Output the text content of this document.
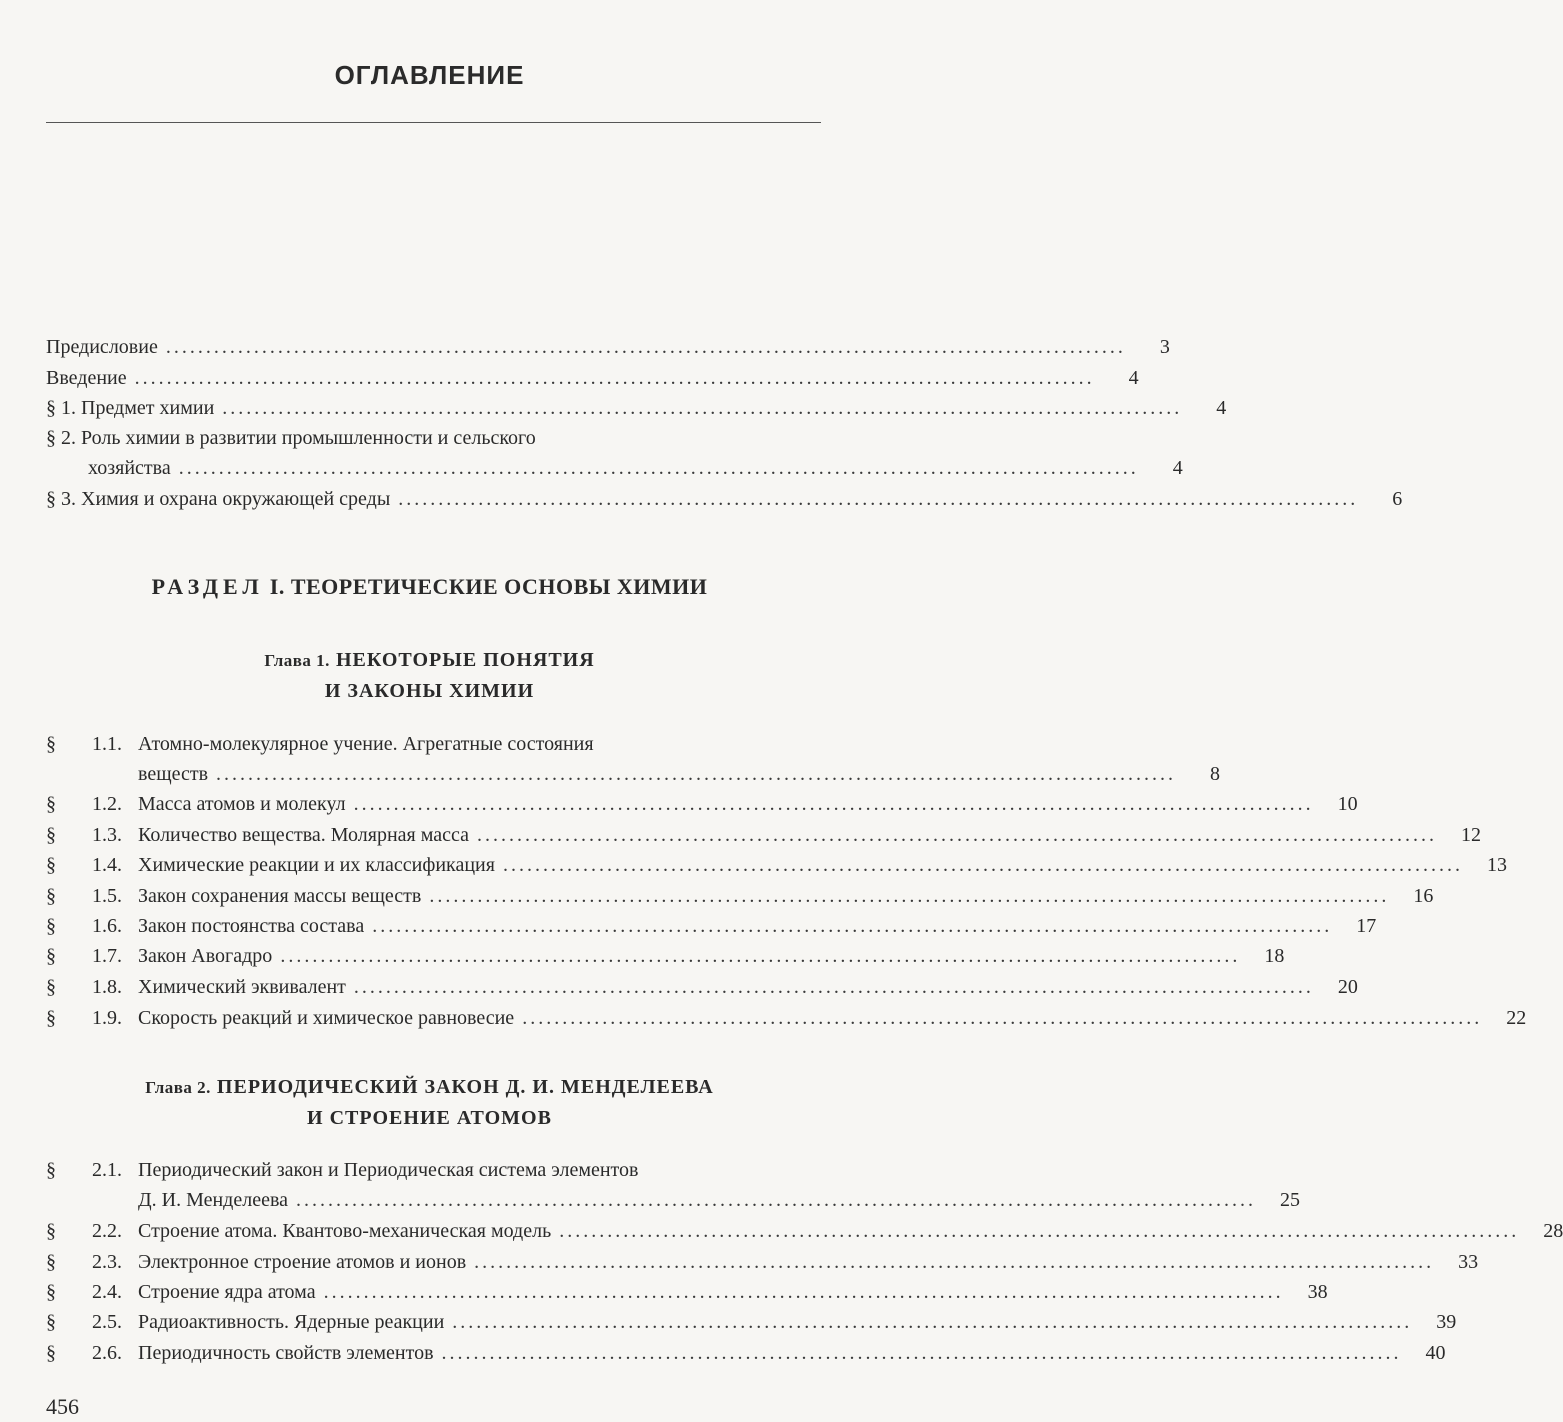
ОГЛАВЛЕНИЕ
Предисловие ........................................................................................................................	3
Введение ........................................................................................................................	4
§ 1. Предмет химии ........................................................................................................................	4
§ 2. Роль химии в развитии промышленности и сельского
хозяйства ........................................................................................................................	4
§ 3. Химия и охрана окружающей среды ........................................................................................................................	6
РАЗДЕЛ I. ТЕОРЕТИЧЕСКИЕ ОСНОВЫ ХИМИИ
Глава 1. НЕКОТОРЫЕ ПОНЯТИЯ
И ЗАКОНЫ ХИМИИ
§ 1.1. Атомно-молекулярное учение. Агрегатные состояния
веществ ........................................................................................................................	8
§ 1.2. Масса атомов и молекул ........................................................................................................................	10
§ 1.3. Количество вещества. Молярная масса ........................................................................................................................	12
§ 1.4. Химические реакции и их классификация ........................................................................................................................	13
§ 1.5. Закон сохранения массы веществ ........................................................................................................................	16
§ 1.6. Закон постоянства состава ........................................................................................................................	17
§ 1.7. Закон Авогадро ........................................................................................................................	18
§ 1.8. Химический эквивалент ........................................................................................................................	20
§ 1.9. Скорость реакций и химическое равновесие ........................................................................................................................	22
Глава 2. ПЕРИОДИЧЕСКИЙ ЗАКОН Д. И. МЕНДЕЛЕЕВА
И СТРОЕНИЕ АТОМОВ
§ 2.1. Периодический закон и Периодическая система элементов
Д. И. Менделеева ........................................................................................................................	25
§ 2.2. Строение атома. Квантово-механическая модель ........................................................................................................................	28
§ 2.3. Электронное строение атомов и ионов ........................................................................................................................	33
§ 2.4. Строение ядра атома ........................................................................................................................	38
§ 2.5. Радиоактивность. Ядерные реакции ........................................................................................................................	39
§ 2.6. Периодичность свойств элементов ........................................................................................................................	40
456
